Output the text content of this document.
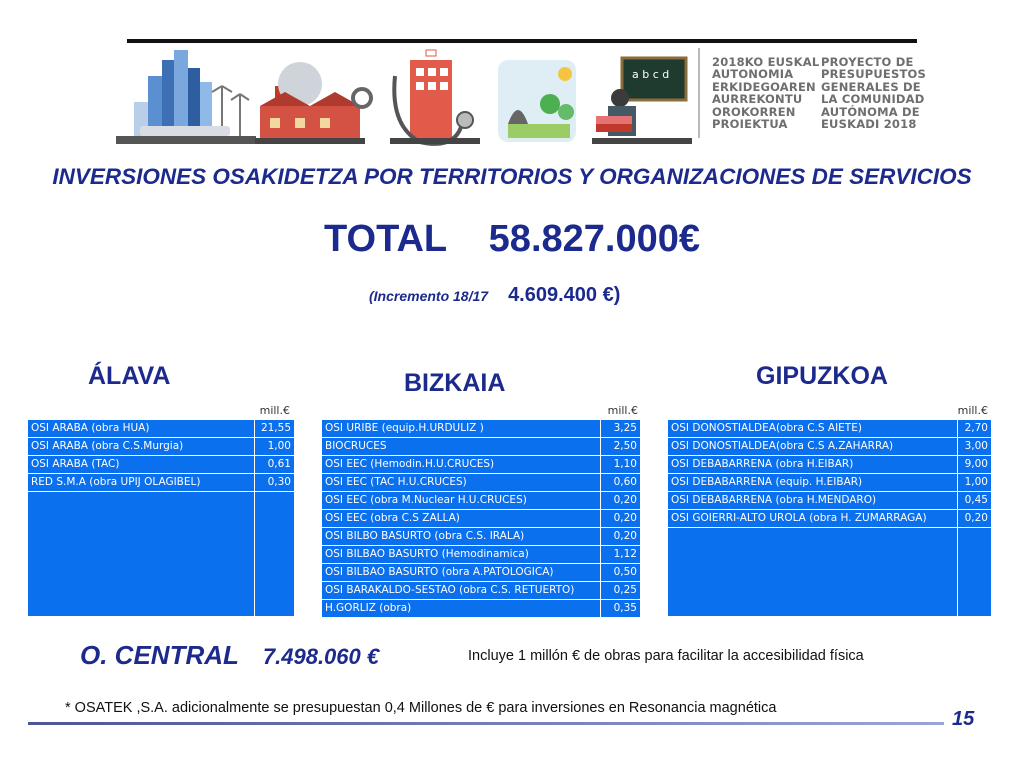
a b c d
2018KO EUSKAL
AUTONOMIA
ERKIDEGOAREN
AURREKONTU
OROKORREN
PROIEKTUA
PROYECTO DE
PRESUPUESTOS
GENERALES DE
LA COMUNIDAD
AUTÓNOMA DE
EUSKADI 2018
INVERSIONES OSAKIDETZA POR TERRITORIOS Y ORGANIZACIONES DE SERVICIOS
TOTAL 58.827.000€
(Incremento 18/17 4.609.400 €)
ÁLAVA	BIZKAIA	GIPUZKOA
mill.€	mill.€	mill.€
OSI ARABA (obra HUA)	21,55
OSI ARABA (obra C.S.Murgia)	1,00
OSI ARABA (TAC)	0,61
RED S.M.A (obra UPIJ OLAGIBEL)	0,30

OSI URIBE (equip.H.URDULIZ )	3,25
BIOCRUCES	2,50
OSI EEC (Hemodin.H.U.CRUCES)	1,10
OSI EEC (TAC H.U.CRUCES)	0,60
OSI EEC (obra M.Nuclear H.U.CRUCES)	0,20
OSI EEC (obra C.S ZALLA)	0,20
OSI BILBO BASURTO (obra C.S. IRALA)	0,20
OSI BILBAO BASURTO (Hemodinamica)	1,12
OSI BILBAO BASURTO (obra A.PATOLOGICA)	0,50
OSI BARAKALDO-SESTAO (obra C.S. RETUERTO)	0,25
H.GORLIZ (obra)	0,35
OSI DONOSTIALDEA(obra C.S AIETE)	2,70
OSI DONOSTIALDEA(obra C.S A.ZAHARRA)	3,00
OSI DEBABARRENA (obra H.EIBAR)	9,00
OSI DEBABARRENA (equip. H.EIBAR)	1,00
OSI DEBABARRENA (obra H.MENDARO)	0,45
OSI GOIERRI-ALTO UROLA (obra H. ZUMARRAGA)	0,20

O. CENTRAL 7.498.060 €	Incluye 1 millón € de obras para facilitar la accesibilidad física
* OSATEK ,S.A. adicionalmente se presupuestan 0,4 Millones de € para inversiones en Resonancia magnética	15
